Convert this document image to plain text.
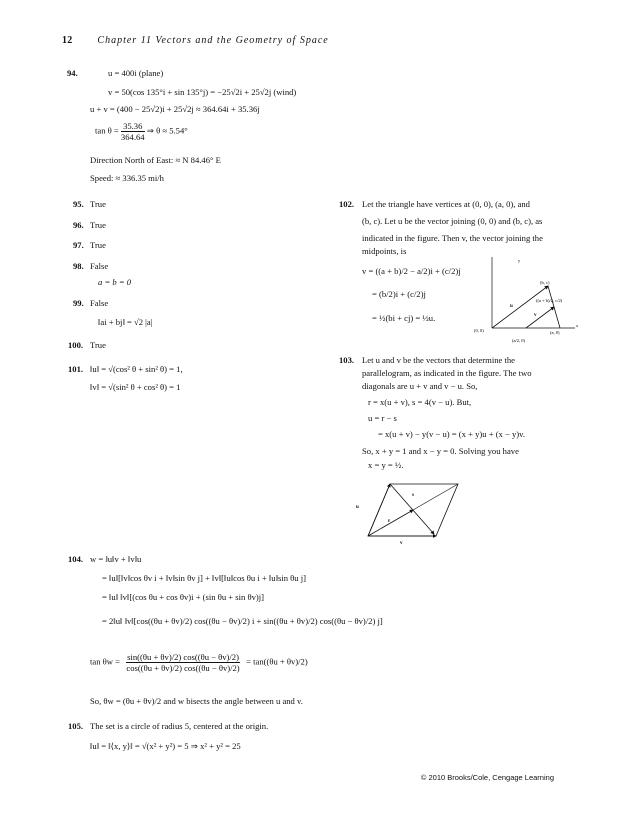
12 Chapter 11 Vectors and the Geometry of Space
94.	u = 400i (plane)
v = 50(cos 135°i + sin 135°j) = −25√2i + 25√2j (wind)
u + v = (400 − 25√2)i + 25√2j ≈ 364.64i + 35.36j
$\tan \theta = \frac{35.36}{364.64}$ ⇒ θ ≈ 5.54°
Direction North of East: ≈ N 84.46° E
Speed: ≈ 336.35 mi/h
95. True
96. True
97. True
98. False
a = b = 0
99. False
‖ai + bj‖ = √2 |a|
100. True
101. ‖u‖ = √(cos² θ + sin² θ) = 1,
‖v‖ = √(sin² θ + cos² θ) = 1
102. Let the triangle have vertices at (0, 0), (a, 0), and
(b, c). Let u be the vector joining (0, 0) and (b, c), as
indicated in the figure. Then v, the vector joining the
midpoints, is
v = ((a + b)/2 − a/2)i + (c/2)j
= (b/2)i + (c/2)j
= ½(bi + cj) = ½u.
y
x
(b, c)
((a + b)/2, c/2)
(a, 0)
(0, 0)
(a/2, 0)
u
v
103. Let u and v be the vectors that determine the
parallelogram, as indicated in the figure. The two
diagonals are u + v and v − u. So,
r = x(u + v), s = 4(v − u). But,
u = r − s
= x(u + v) − y(v − u) = (x + y)u + (x − y)v.
So, x + y = 1 and x − y = 0. Solving you have
x = y = ½.
u
v
r
s
104. w = ‖u‖v + ‖v‖u
= ‖u‖[‖v‖cos θv i + ‖v‖sin θv j] + ‖v‖[‖u‖cos θu i + ‖u‖sin θu j]
= ‖u‖ ‖v‖[(cos θu + cos θv)i + (sin θu + sin θv)j]
= 2‖u‖ ‖v‖[cos((θu + θv)/2) cos((θu − θv)/2) i + sin((θu + θv)/2) cos((θu − θv)/2) j]
$\tan \theta w = \frac{\sin((\theta u + \theta v)/2) \cos((\theta u - \theta v)/2)}{\cos((\theta u + \theta v)/2) \cos((\theta u - \theta v)/2)} = \tan((\theta u + \theta v)/2)$
So, θw = (θu + θv)/2 and w bisects the angle between u and v.
105. The set is a circle of radius 5, centered at the origin.
‖u‖ = ‖⟨x, y⟩‖ = √(x² + y²) = 5 ⇒ x² + y² = 25
© 2010 Brooks/Cole, Cengage Learning
